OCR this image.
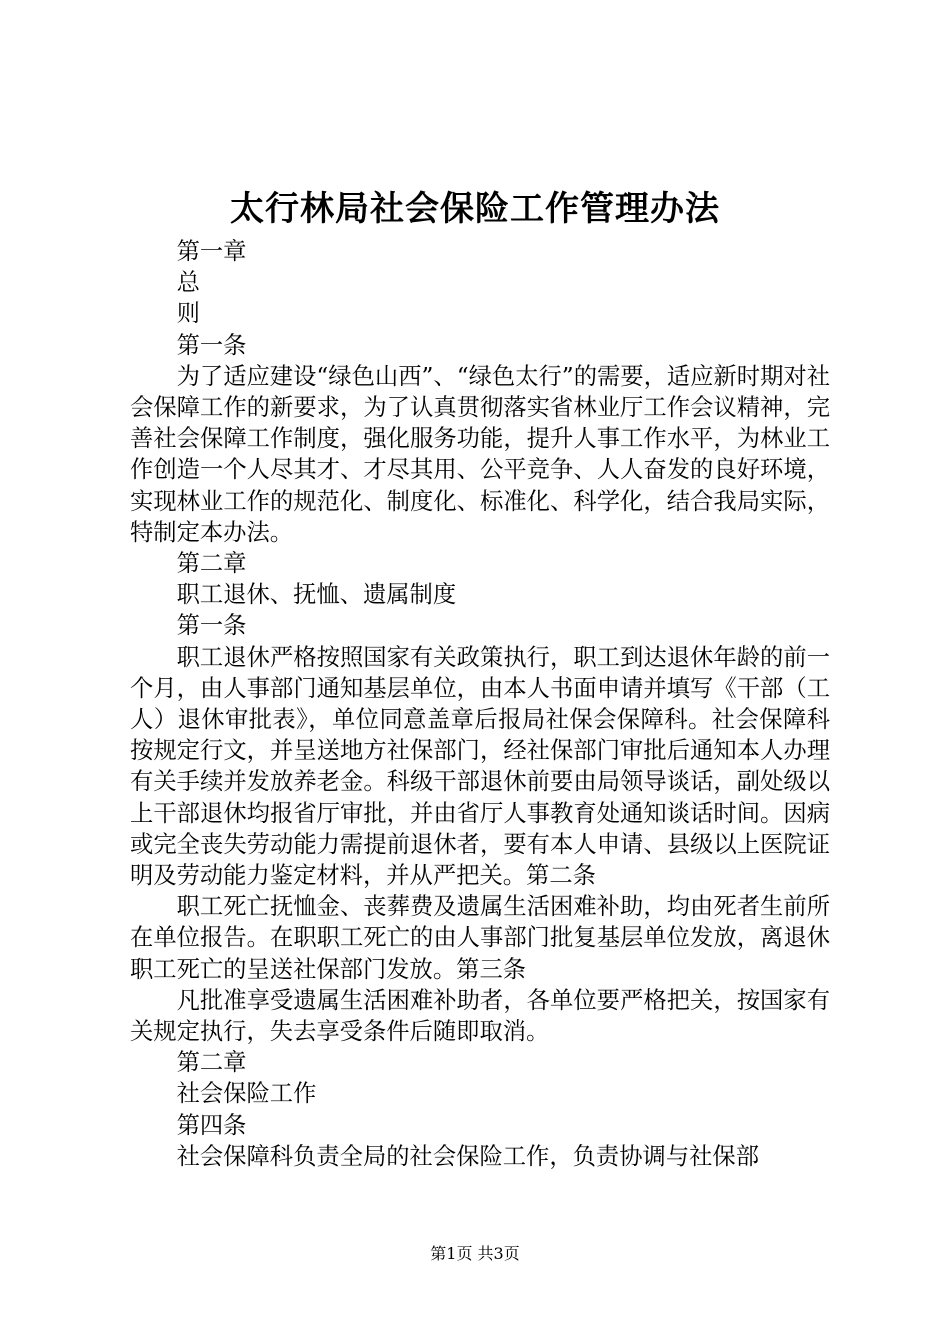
太行林局社会保险工作管理办法

第一章

总

则

第一条

为了适应建设“绿色山西”、“绿色太行”的需要，适应新时期对社会保障工作的新要求，为了认真贯彻落实省林业厅工作会议精神，完善社会保障工作制度，强化服务功能，提升人事工作水平，为林业工作创造一个人尽其才、才尽其用、公平竞争、人人奋发的良好环境，实现林业工作的规范化、制度化、标准化、科学化，结合我局实际，特制定本办法。

第二章

职工退休、抚恤、遗属制度

第一条

职工退休严格按照国家有关政策执行，职工到达退休年龄的前一个月，由人事部门通知基层单位，由本人书面申请并填写《干部（工人）退休审批表》，单位同意盖章后报局社保会保障科。社会保障科按规定行文，并呈送地方社保部门，经社保部门审批后通知本人办理有关手续并发放养老金。科级干部退休前要由局领导谈话，副处级以上干部退休均报省厅审批，并由省厅人事教育处通知谈话时间。因病或完全丧失劳动能力需提前退休者，要有本人申请、县级以上医院证明及劳动能力鉴定材料，并从严把关。第二条

职工死亡抚恤金、丧葬费及遗属生活困难补助，均由死者生前所在单位报告。在职职工死亡的由人事部门批复基层单位发放，离退休职工死亡的呈送社保部门发放。第三条

凡批准享受遗属生活困难补助者，各单位要严格把关，按国家有关规定执行，失去享受条件后随即取消。

第二章

社会保险工作

第四条

社会保障科负责全局的社会保险工作，负责协调与社保部

第1页 共3页
